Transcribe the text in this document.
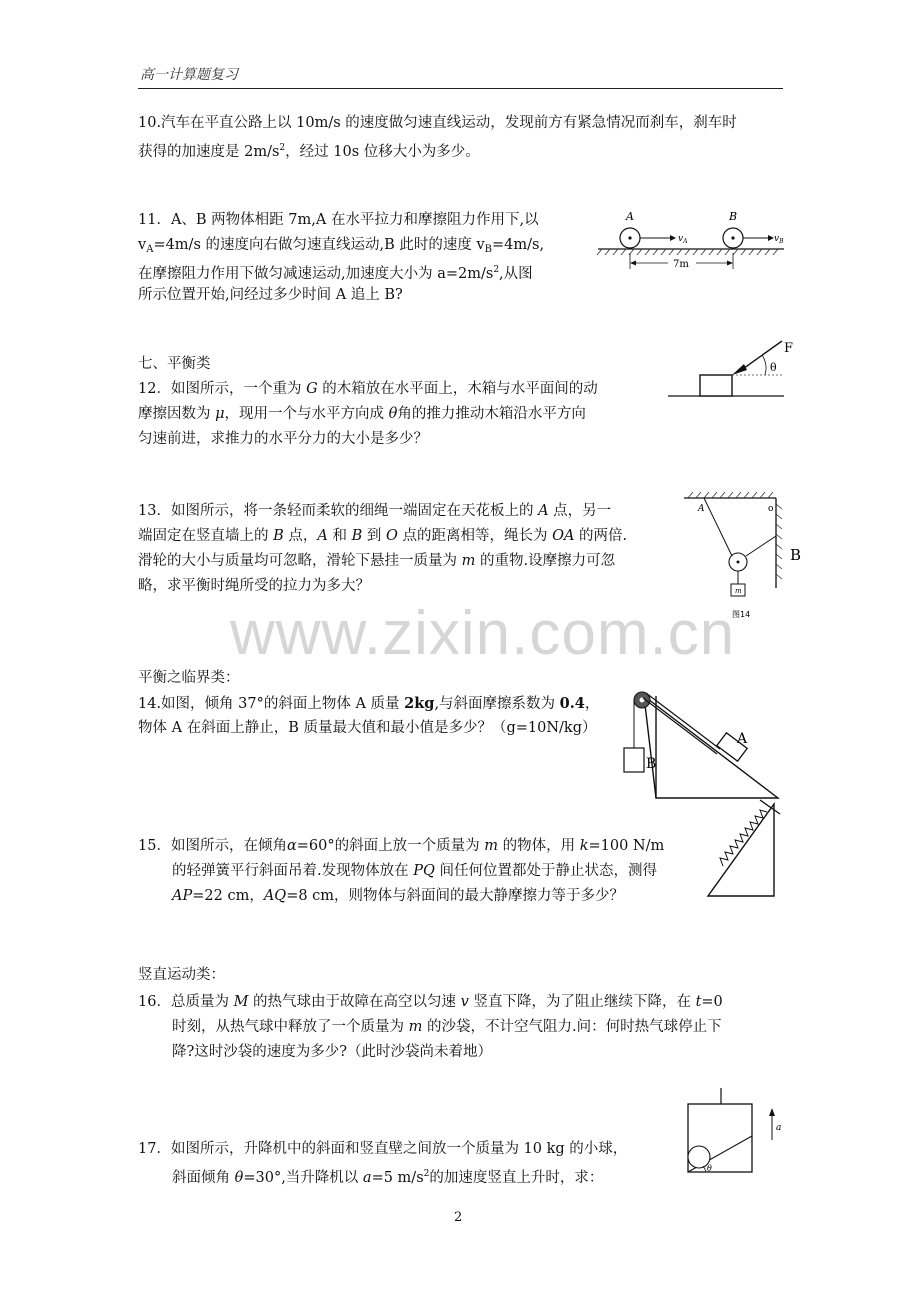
高一计算题复习
10.汽车在平直公路上以 10m/s 的速度做匀速直线运动，发现前方有紧急情况而刹车，刹车时
获得的加速度是 $2m/s^2$，经过 10s 位移大小为多少。
11．A、B 两物体相距 7m,A 在水平拉力和摩擦阻力作用下,以
$v_A=4m/s$ 的速度向右做匀速直线运动,B 此时的速度 $v_B=4m/s$,
在摩擦阻力作用下做匀减速运动,加速度大小为 $a=2m/s^2$,从图
所示位置开始,问经过多少时间 A 追上 B?
A	B
$v_A$	$v_B$
7m
七、平衡类
12．如图所示，一个重为 G 的木箱放在水平面上，木箱与水平面间的动
摩擦因数为 μ，现用一个与水平方向成 θ角的推力推动木箱沿水平方向
匀速前进，求推力的水平分力的大小是多少？
F
θ
13．如图所示，将一条轻而柔软的细绳一端固定在天花板上的 A 点，另一
端固定在竖直墙上的 B 点，A 和 B 到 O 点的距离相等，绳长为 OA 的两倍.
滑轮的大小与质量均可忽略，滑轮下悬挂一质量为 m 的重物.设摩擦力可忽
略，求平衡时绳所受的拉力为多大？	m
A	o
B
图14
www.zixin.com.cn
平衡之临界类：
14.如图，倾角 37°的斜面上物体 A 质量 2kg,与斜面摩擦系数为 0.4，
物体 A 在斜面上静止，B 质量最大值和最小值是多少？（g=10N/kg）
A
B
15．如图所示，在倾角α=60°的斜面上放一个质量为 m 的物体，用 k=100 N/m
的轻弹簧平行斜面吊着.发现物体放在 PQ 间任何位置都处于静止状态，测得
AP=22 cm，AQ=8 cm，则物体与斜面间的最大静摩擦力等于多少？
竖直运动类：
16．总质量为 M 的热气球由于故障在高空以匀速 v 竖直下降，为了阻止继续下降，在 t=0
时刻，从热气球中释放了一个质量为 m 的沙袋，不计空气阻力.问：何时热气球停止下
降?这时沙袋的速度为多少?（此时沙袋尚未着地）
17．如图所示，升降机中的斜面和竖直壁之间放一个质量为 10 kg 的小球，
斜面倾角 θ=30°,当升降机以 a=5 $m/s^2$的加速度竖直上升时，求：
θ
a
2
